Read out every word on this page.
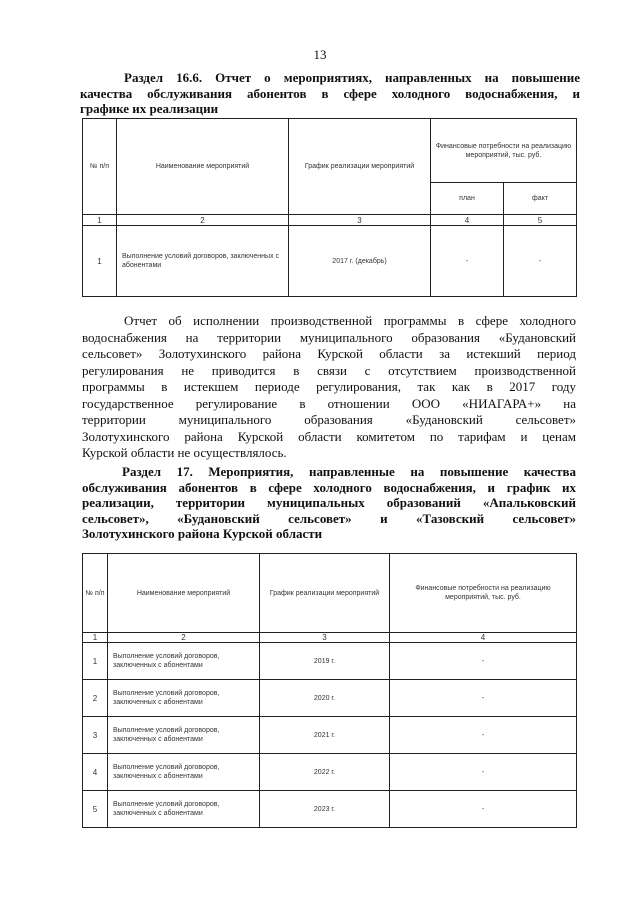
13
Раздел 16.6. Отчет о мероприятиях, направленных на повышение
качества обслуживания абонентов в сфере холодного водоснабжения, и
графике их реализации
№ п/п	Наименование мероприятий	График реализации мероприятий	Финансовые потребности на реализацию мероприятий, тыс. руб.	
			план	факт
1	2	3	4	5
1	Выполнение условий договоров, заключенных с абонентами	2017 г. (декабрь)	-	-
Отчет об исполнении производственной программы в сфере холодного
водоснабжения на территории муниципального образования «Будановский
сельсовет» Золотухинского района Курской области за истекший период
регулирования не приводится в связи с отсутствием производственной
программы в истекшем периоде регулирования, так как в 2017 году
государственное регулирование в отношении ООО «НИАГАРА+» на
территории муниципального образования «Будановский сельсовет»
Золотухинского района Курской области комитетом по тарифам и ценам
Курской области не осуществлялось.
Раздел 17. Мероприятия, направленные на повышение качества
обслуживания абонентов в сфере холодного водоснабжения, и график их
реализации, территории муниципальных образований «Апальковский
сельсовет», «Будановский сельсовет» и «Тазовский сельсовет»
Золотухинского района Курской области
№ п/п	Наименование мероприятий	График реализации мероприятий	Финансовые потребности на реализацию мероприятий, тыс. руб.
1	2	3	4
1	Выполнение условий договоров, заключенных с абонентами	2019 г.	-
2	Выполнение условий договоров, заключенных с абонентами	2020 г.	-
3	Выполнение условий договоров, заключенных с абонентами	2021 г.	-
4	Выполнение условий договоров, заключенных с абонентами	2022 г.	-
5	Выполнение условий договоров, заключенных с абонентами	2023 г.	-
